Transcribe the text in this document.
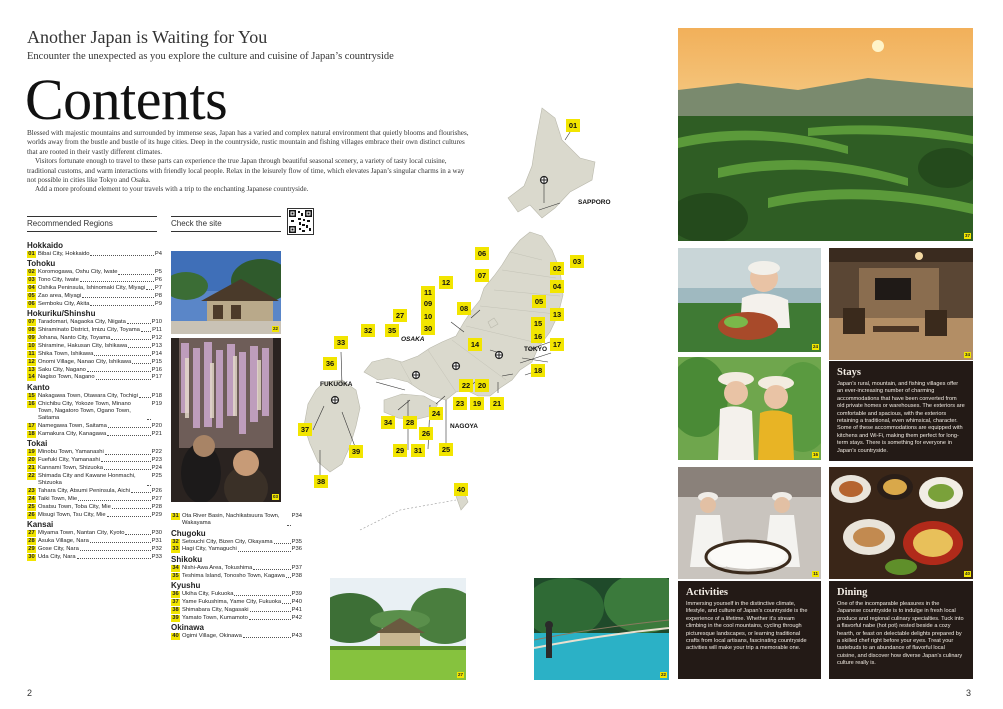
Another Japan is Waiting for You
Encounter the unexpected as you explore the culture and cuisine of Japan’s countryside
Contents

Blessed with majestic mountains and surrounded by immense seas, Japan has a varied and complex natural environment that quietly blooms and flourishes, worlds away from the bustle and bustle of its huge cities. Deep in the countryside, rustic mountain and fishing villages embrace their own distinct cultures that are rooted in their vastly different climates.

Visitors fortunate enough to travel to these parts can experience the true Japan through beautiful seasonal scenery, a variety of tasty local cuisine, traditional customs, and warm interactions with friendly local people. Relax in the leisurely flow of time, which elevates Japan’s singular charms in a way not possible in cities like Tokyo and Osaka.

Add a more profound element to your travels with a trip to the enchanting Japanese countryside.

Recommended Regions	Check the site
Hokkaido
01 Bibai City, Hokkaido	P4
Tohoku
02 Koromogawa, Oshu City, Iwate	P5
03 Tono City, Iwate	P6
04 Oshika Peninsula, Ishinomaki City, Miyagi P7
05 Zao area, Miyagi	P8
06 Semboku City, Akita	P9
Hokuriku/Shinshu
07 Taradomari, Nagaoka City, Niigata	P10
08 Shiraminato District, Imizu City, Toyama P11
09 Johana, Nanto City, Toyama	P12
10 Shiramine, Hakusan City, Ishikawa	P13
11 Shika Town, Ishikawa	P14
12 Onomi Village, Nanao City, Ishikawa	P15
13 Saku City, Nagano	P16
14 Nagiso Town, Nagano	P17
Kanto
15 Nakagawa Town, Otawara City, Tochigi P18
16 Chichibu City, Yokoze Town, Minano Town, Nagatoro Town, Ogano Town, Saitama
P19
17 Namegawa Town, Saitama	P20
18 Kamakura City, Kanagawa	P21
Tokai
19 Minobu Town, Yamanashi	P22
20 Fuefuki City, Yamanashi	P23
21 Kannami Town, Shizuoka	P24
22 Shimada City and Kawane Honmachi, Shizuoka
P25
23 Tahara City, Atsumi Peninsula, Aichi	P26
24 Taiki Town, Mie	P27
25 Osatsu Town, Toba City, Mie	P28
26 Misugi Town, Tsu City, Mie	P29
Kansai
27 Miyama Town, Nantan City, Kyoto	P30
28 Asuka Village, Nara	P31
29 Gose City, Nara	P32
30 Uda City, Nara	P33
31 Ota River Basin, Nachikatsuura Town, Wakayama
P34
Chugoku
32 Setouchi City, Bizen City, Okayama	P35
33 Hagi City, Yamaguchi	P36
Shikoku
34 Nishi-Awa Area, Tokushima	P37
35 Teshima Island, Tonosho Town, Kagawa P38
Kyushu
36 Ukiha City, Fukuoka	P39
37 Yame Fukushima, Yame City, Fukuoka P40
38 Shimabara City, Nagasaki	P41
39 Yamato Town, Kumamoto	P42
Okinawa
40 Ogimi Village, Okinawa	P43
22
03
27	22
SAPPORO
TOKYO
OSAKA
NAGOYA
FUKUOKA
01
02
03
04
05
06
07
08
09
10
11
12
13
14
15
16
17
18
19
20
21
22
23
24
25
26
27
28
29
30
31
32
33
34
35
36
37
38
39
40
37
24
34
16
Stays
Japan’s rural, mountain, and fishing villages offer an ever-increasing number of charming accommodations that have been converted from old private homes or warehouses. The exteriors are comfortable and spacious, with the exteriors retaining a traditional, even whimsical, character. Some of these accommodations are equipped with kitchens and Wi-Fi, making them perfect for long-term stays. There is something for everyone in Japan’s countryside.
11	40
Activities
Immersing yourself in the distinctive climate, lifestyle, and culture of Japan’s countryside is the experience of a lifetime. Whether it’s stream climbing in the cool mountains, cycling through picturesque landscapes, or learning traditional crafts from local artisans, fascinating countryside activities will make your trip a memorable one.
Dining
One of the incomparable pleasures in the Japanese countryside is to indulge in fresh local produce and regional culinary specialties. Tuck into a flavorful nabe (hot pot) rested beside a cozy hearth, or feast on delectable delights prepared by a skilled chef right before your eyes. Treat your tastebuds to an abundance of flavorful local cuisine, and discover how diverse Japan’s culinary culture really is.
2	3
